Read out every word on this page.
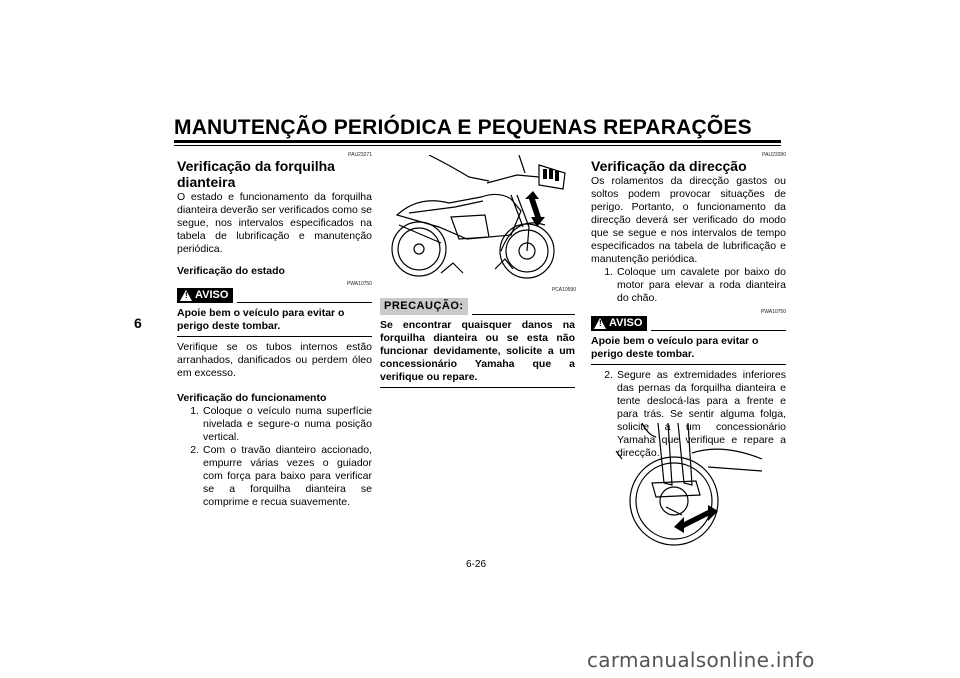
MANUTENÇÃO PERIÓDICA E PEQUENAS REPARAÇÕES
6
PAU23271
Verificação da forquilha dianteira

O estado e funcionamento da forquilha dianteira deverão ser verificados como se segue, nos intervalos especificados na tabela de lubrificação e manutenção periódica.

Verificação do estado
PWA10750
! AVISO
Apoie bem o veículo para evitar o perigo deste tombar.

Verifique se os tubos internos estão arranhados, danificados ou perdem óleo em excesso.

Verificação do funcionamento
1. Coloque o veículo numa superfície nivelada e segure-o numa posição vertical.
2. Com o travão dianteiro accionado, empurre várias vezes o guiador com força para baixo para verificar se a forquilha dianteira se comprime e recua suavemente.
PCA10590
PRECAUÇÃO:
Se encontrar quaisquer danos na forquilha dianteira ou se esta não funcionar devidamente, solicite a um concessionário Yamaha que a verifique ou repare.
PAU23280
Verificação da direcção

Os rolamentos da direcção gastos ou soltos podem provocar situações de perigo. Portanto, o funcionamento da direcção deverá ser verificado do modo que se segue e nos intervalos de tempo especificados na tabela de lubrificação e manutenção periódica.

1. Coloque um cavalete por baixo do motor para elevar a roda dianteira do chão.
PWA10750
! AVISO
Apoie bem o veículo para evitar o perigo deste tombar.
2. Segure as extremidades inferiores das pernas da forquilha dianteira e tente deslocá-las para a frente e para trás. Se sentir alguma folga, solicite a um concessionário Yamaha que verifique e repare a direcção.
6-26
carmanualsonline.info
